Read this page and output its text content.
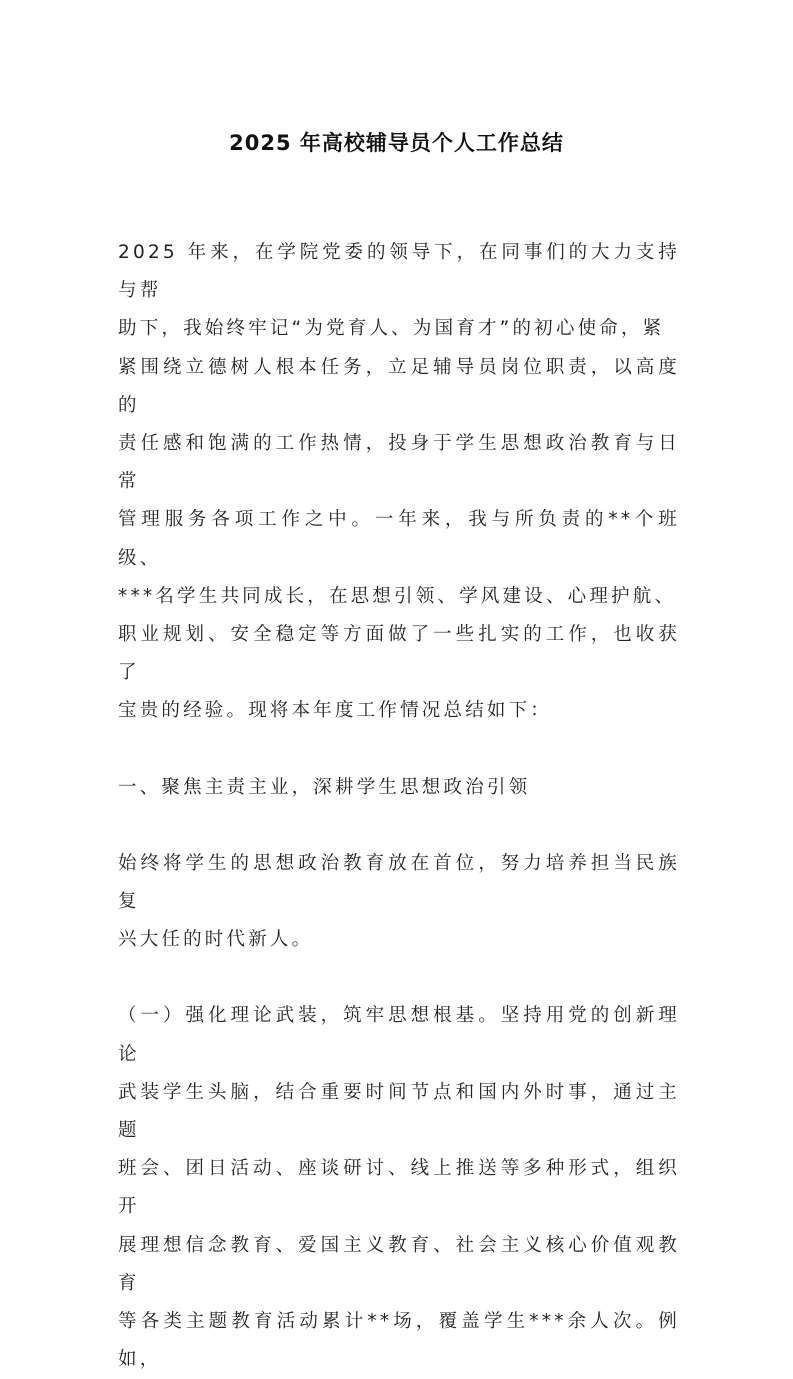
2025 年高校辅导员个人工作总结
2025 年来，在学院党委的领导下，在同事们的大力支持与帮
助下，我始终牢记“为党育人、为国育才”的初心使命，紧
紧围绕立德树人根本任务，立足辅导员岗位职责，以高度的
责任感和饱满的工作热情，投身于学生思想政治教育与日常
管理服务各项工作之中。一年来，我与所负责的**个班级、
***名学生共同成长，在思想引领、学风建设、心理护航、
职业规划、安全稳定等方面做了一些扎实的工作，也收获了
宝贵的经验。现将本年度工作情况总结如下：
一、聚焦主责主业，深耕学生思想政治引领
始终将学生的思想政治教育放在首位，努力培养担当民族复
兴大任的时代新人。
（一）强化理论武装，筑牢思想根基。坚持用党的创新理论
武装学生头脑，结合重要时间节点和国内外时事，通过主题
班会、团日活动、座谈研讨、线上推送等多种形式，组织开
展理想信念教育、爱国主义教育、社会主义核心价值观教育
等各类主题教育活动累计**场，覆盖学生***余人次。例如，
